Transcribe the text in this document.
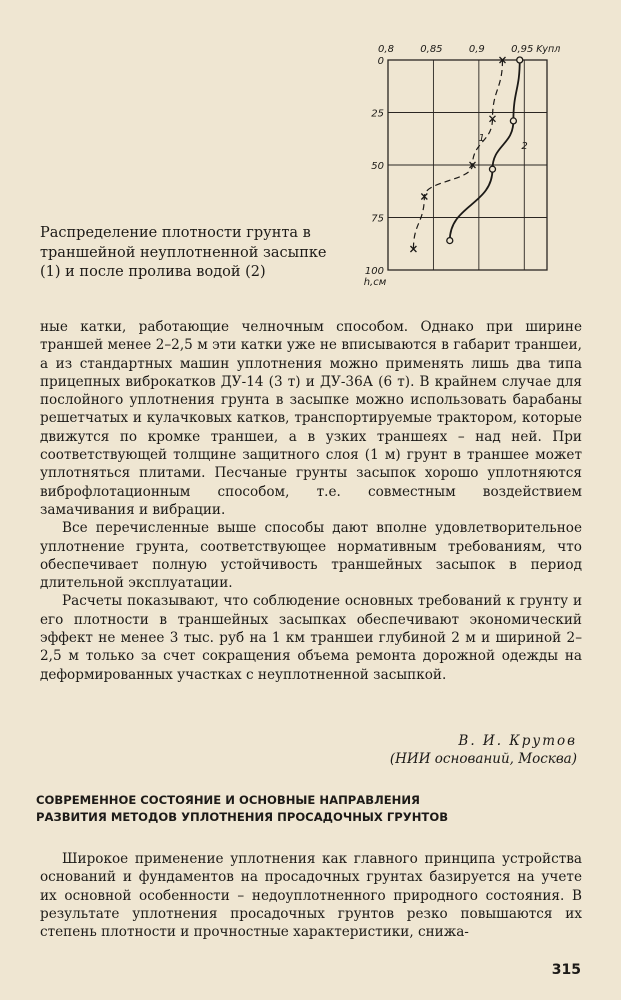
0,8	0,85	0,9	0,95 Kупл
0
25
50
75
100
h,см
1
2
Распределение плотности грунта в
траншейной неуплотненной засыпке
(1) и после пролива водой (2)

ные катки, работающие челночным способом. Однако при ширине траншей менее 2–2,5 м эти катки уже не вписываются в габарит траншеи, а из стандартных машин уплотнения можно применять лишь два типа прицепных виброкатков ДУ-14 (3 т) и ДУ-36А (6 т). В крайнем случае для послойного уплотнения грунта в засыпке можно использовать барабаны решетчатых и кулачковых катков, транспортируемые трактором, которые движутся по кромке траншеи, а в узких траншеях – над ней. При соответствующей толщине защитного слоя (1 м) грунт в траншее может уплотняться плитами. Песчаные грунты засыпок хорошо уплотняются виброфлотационным способом, т.е. совместным воздействием замачивания и вибрации.

Все перечисленные выше способы дают вполне удовлетворительное уплотнение грунта, соответствующее нормативным требованиям, что обеспечивает полную устойчивость траншейных засыпок в период длительной эксплуатации.

Расчеты показывают, что соблюдение основных требований к грунту и его плотности в траншейных засыпках обеспечивают экономический эффект не менее 3 тыс. руб на 1 км траншеи глубиной 2 м и шириной 2–2,5 м только за счет сокращения объема ремонта дорожной одежды на деформированных участках с неуплотненной засыпкой.

В. И. Крутов
(НИИ оснований, Москва)
СОВРЕМЕННОЕ СОСТОЯНИЕ И ОСНОВНЫЕ НАПРАВЛЕНИЯ
РАЗВИТИЯ МЕТОДОВ УПЛОТНЕНИЯ ПРОСАДОЧНЫХ ГРУНТОВ

Широкое применение уплотнения как главного принципа устройства оснований и фундаментов на просадочных грунтах базируется на учете их основной особенности – недоуплотненного природного состояния. В результате уплотнения просадочных грунтов резко повышаются их степень плотности и прочностные характеристики, снижа-

315
